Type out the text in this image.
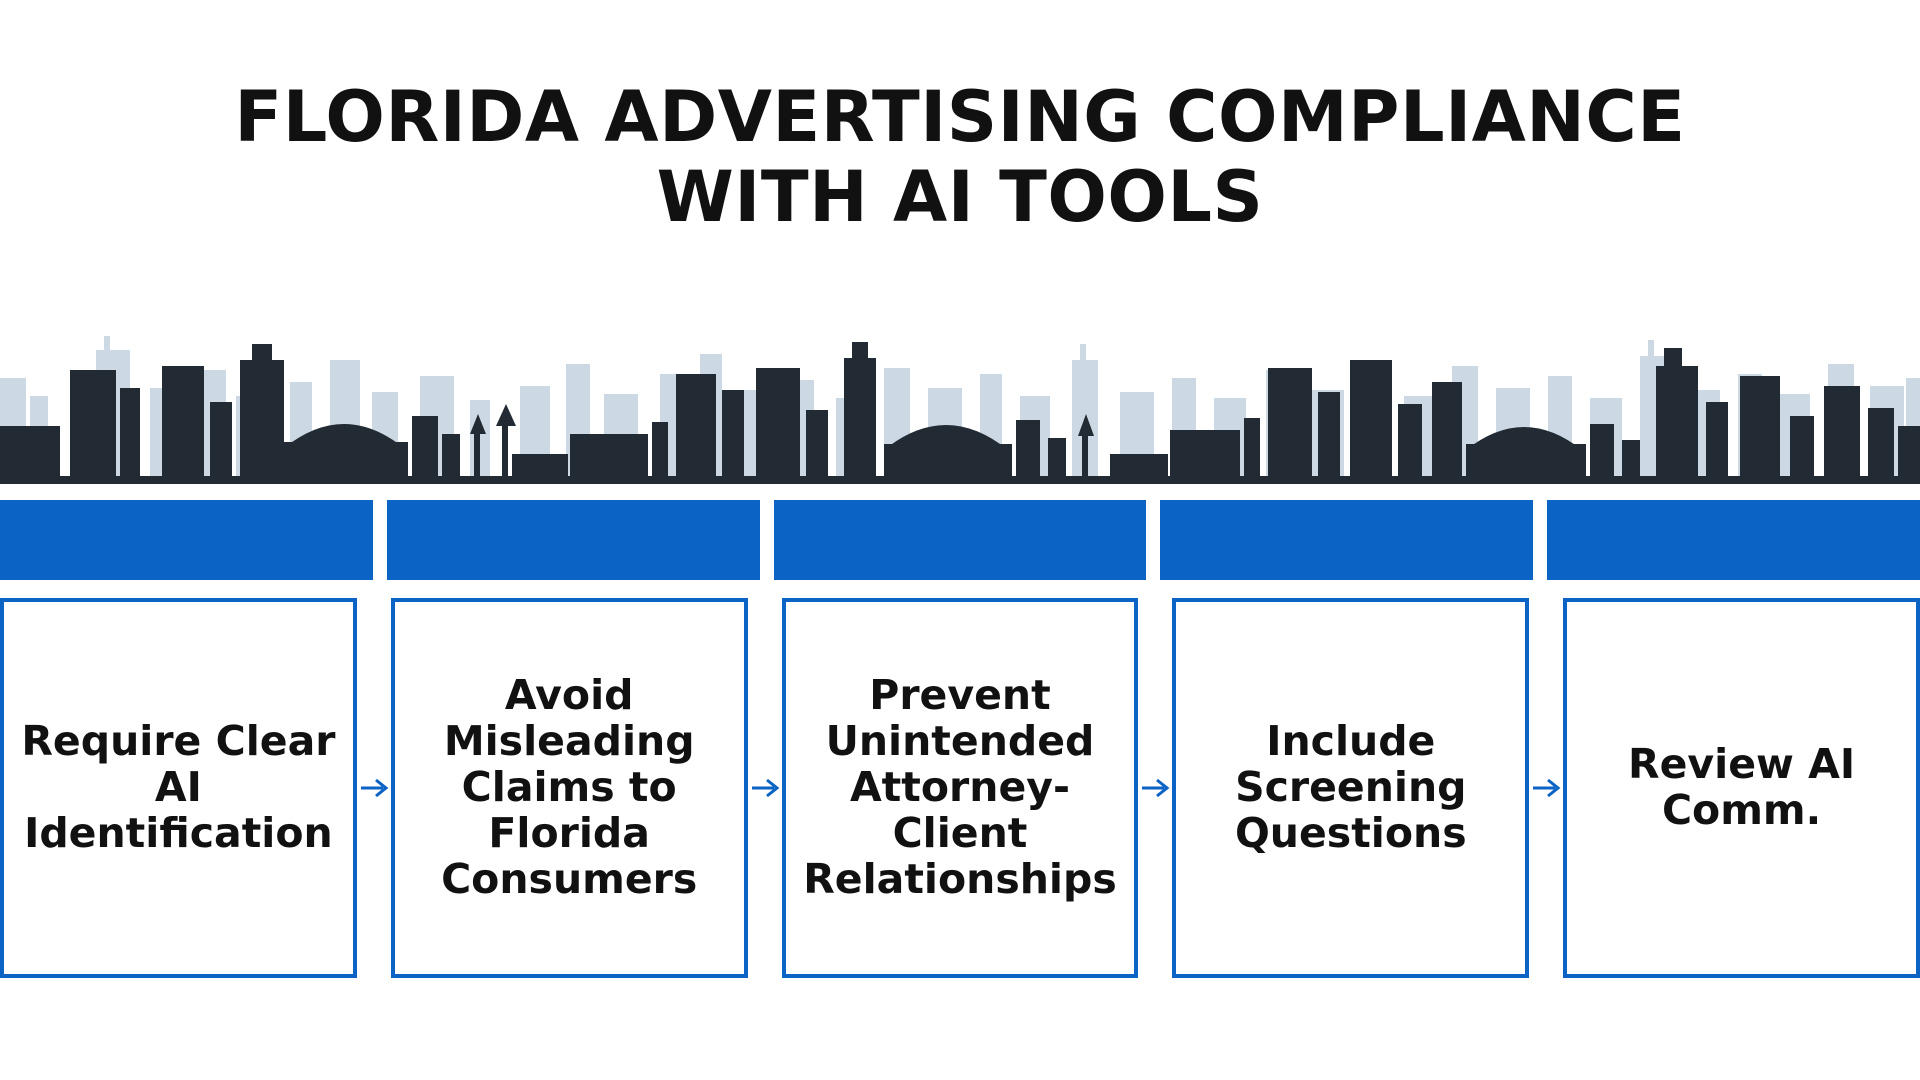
FLORIDA ADVERTISING COMPLIANCE
WITH AI TOOLS
Require Clear AI Identification
Avoid Misleading Claims to Florida Consumers
Prevent Unintended Attorney-Client Relationships
Include Screening Questions
Review AI Comm.
